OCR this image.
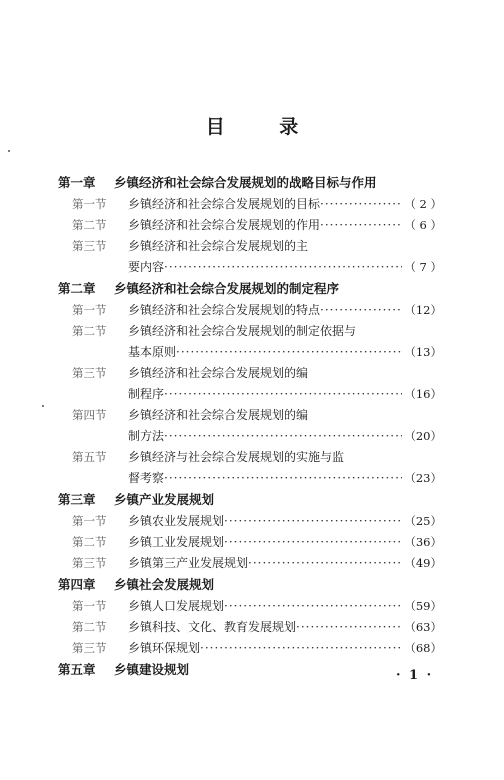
目 录
第一章 乡镇经济和社会综合发展规划的战略目标与作用
第一节	乡镇经济和社会综合发展规划的目标 ·····	（ 2 ）
第二节	乡镇经济和社会综合发展规划的作用 ·····	（ 6 ）
第三节	乡镇经济和社会综合发展规划的主
要内容 ·····	（ 7 ）
第二章 乡镇经济和社会综合发展规划的制定程序
第一节	乡镇经济和社会综合发展规划的特点 ·····	（12）
第二节	乡镇经济和社会综合发展规划的制定依据与
基本原则 ·····	（13）
第三节	乡镇经济和社会综合发展规划的编
制程序 ·····	（16）
第四节	乡镇经济和社会综合发展规划的编
制方法 ·····	（20）
第五节	乡镇经济与社会综合发展规划的实施与监
督考察 ·····	（23）
第三章 乡镇产业发展规划
第一节	乡镇农业发展规划 ·····	（25）
第二节	乡镇工业发展规划 ·····	（36）
第三节	乡镇第三产业发展规划 ·····	（49）
第四章 乡镇社会发展规划
第一节	乡镇人口发展规划 ·····	（59）
第二节	乡镇科技、文化、教育发展规划 ·····	（63）
第三节	乡镇环保规划 ·····	（68）
第五章 乡镇建设规划	· 1 ·
